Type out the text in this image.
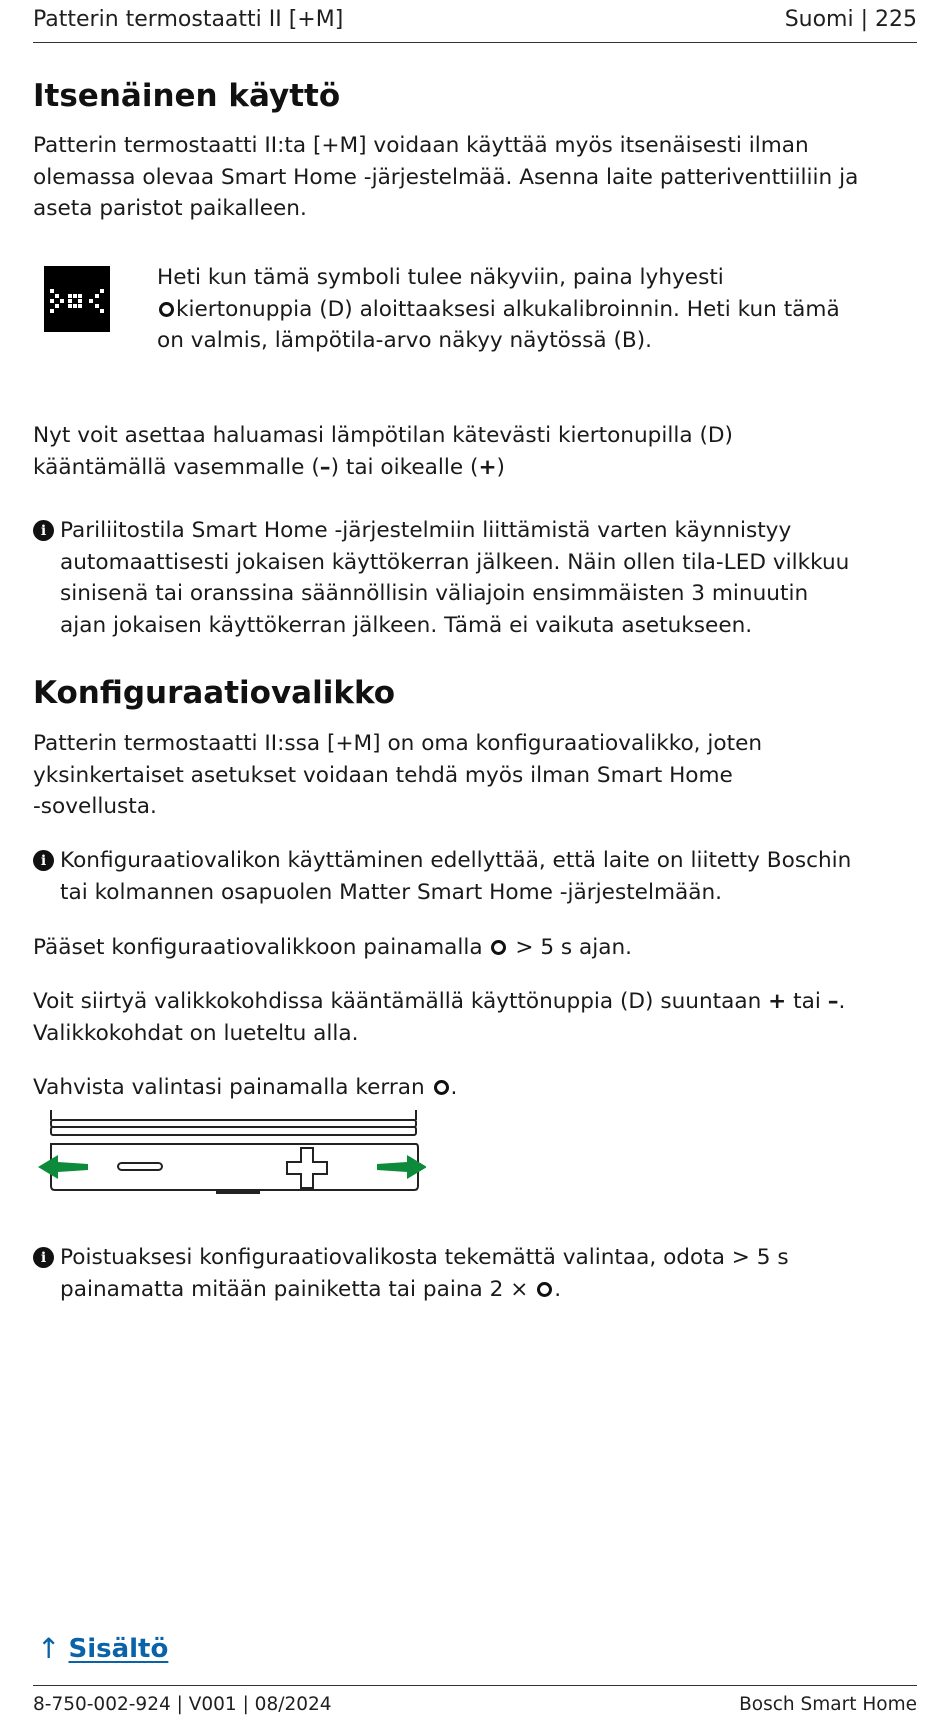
Patterin termostaatti II [+M]	Suomi | 225
Itsenäinen käyttö

Patterin termostaatti II:ta [+M] voidaan käyttää myös itsenäisesti ilman

olemassa olevaa Smart Home -järjestelmää. Asenna laite patteriventtiiliin ja

aseta paristot paikalleen.

Heti kun tämä symboli tulee näkyviin, paina lyhyesti

kiertonuppia (D) aloittaaksesi alkukalibroinnin. Heti kun tämä

on valmis, lämpötila-arvo näkyy näytössä (B).

Nyt voit asettaa haluamasi lämpötilan kätevästi kiertonupilla (D)

kääntämällä vasemmalle (–) tai oikealle (+)

i Pariliitostila Smart Home -järjestelmiin liittämistä varten käynnistyy
automaattisesti jokaisen käyttökerran jälkeen. Näin ollen tila-LED vilkkuu
sinisenä tai oranssina säännöllisin väliajoin ensimmäisten 3 minuutin
ajan jokaisen käyttökerran jälkeen. Tämä ei vaikuta asetukseen.
Konfiguraatiovalikko

Patterin termostaatti II:ssa [+M] on oma konfiguraatiovalikko, joten

yksinkertaiset asetukset voidaan tehdä myös ilman Smart Home

-sovellusta.

i Konfiguraatiovalikon käyttäminen edellyttää, että laite on liitetty Boschin
tai kolmannen osapuolen Matter Smart Home -järjestelmään.

Pääset konfiguraatiovalikkoon painamalla > 5 s ajan.

Voit siirtyä valikkokohdissa kääntämällä käyttönuppia (D) suuntaan + tai –.

Valikkokohdat on lueteltu alla.

Vahvista valintasi painamalla kerran .

i Poistuaksesi konfiguraatiovalikosta tekemättä valintaa, odota > 5 s
painamatta mitään painiketta tai paina 2 × .
↑ Sisältö
8-750-002-924 | V001 | 08/2024	Bosch Smart Home
